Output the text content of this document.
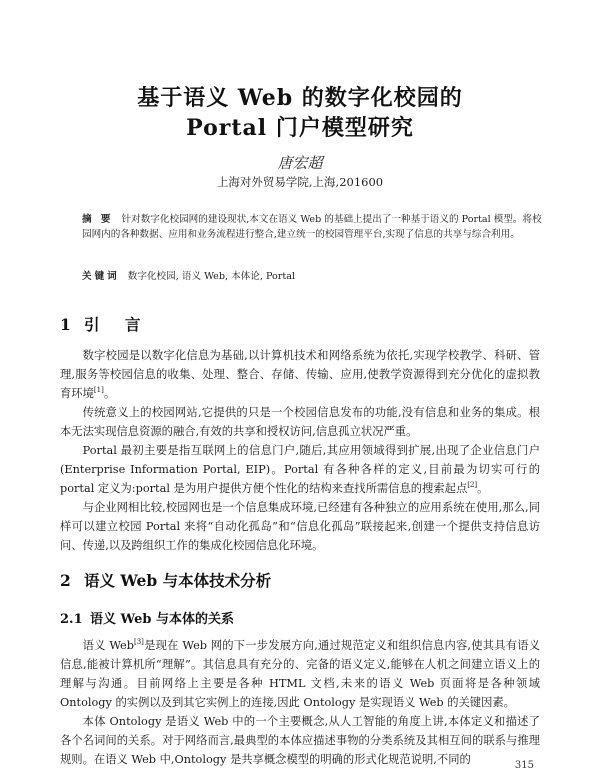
基于语义 Web 的数字化校园的
Portal 门户模型研究
唐宏超
上海对外贸易学院,上海,201600
摘 要 针对数字化校园网的建设现状,本文在语义 Web 的基础上提出了一种基于语义的 Portal 模型。将校园网内的各种数据、应用和业务流程进行整合,建立统一的校园管理平台,实现了信息的共享与综合利用。
关键词 数字化校园, 语义 Web, 本体论, Portal
1 引 言

数字校园是以数字化信息为基础,以计算机技术和网络系统为依托,实现学校教学、科研、管理,服务等校园信息的收集、处理、整合、存储、传输、应用,使教学资源得到充分优化的虚拟教育环境[1]。

传统意义上的校园网站,它提供的只是一个校园信息发布的功能,没有信息和业务的集成。根本无法实现信息资源的融合,有效的共享和授权访问,信息孤立状况严重。

Portal 最初主要是指互联网上的信息门户,随后,其应用领域得到扩展,出现了企业信息门户(Enterprise Information Portal, EIP)。Portal 有各种各样的定义,目前最为切实可行的 portal 定义为:portal 是为用户提供方便个性化的结构来查找所需信息的搜索起点[2]。

与企业网相比较,校园网也是一个信息集成环境,已经建有各种独立的应用系统在使用,那么,同样可以建立校园 Portal 来将“自动化孤岛”和“信息化孤岛”联接起来,创建一个提供支持信息访问、传递,以及跨组织工作的集成化校园信息化环境。

2 语义 Web 与本体技术分析
2.1 语义 Web 与本体的关系

语义 Web[3]是现在 Web 网的下一步发展方向,通过规范定义和组织信息内容,使其具有语义信息,能被计算机所“理解”。其信息具有充分的、完备的语义定义,能够在人机之间建立语义上的理解与沟通。目前网络上主要是各种 HTML 文档,未来的语义 Web 页面将是各种领域 Ontology 的实例以及到其它实例上的连接,因此 Ontology 是实现语义 Web 的关键因素。

本体 Ontology 是语义 Web 中的一个主要概念,从人工智能的角度上讲,本体定义和描述了各个名词间的关系。对于网络而言,最典型的本体应描述事物的分类系统及其相互间的联系与推理规则。在语义 Web 中,Ontology 是共享概念模型的明确的形式化规范说明,不同的	315
